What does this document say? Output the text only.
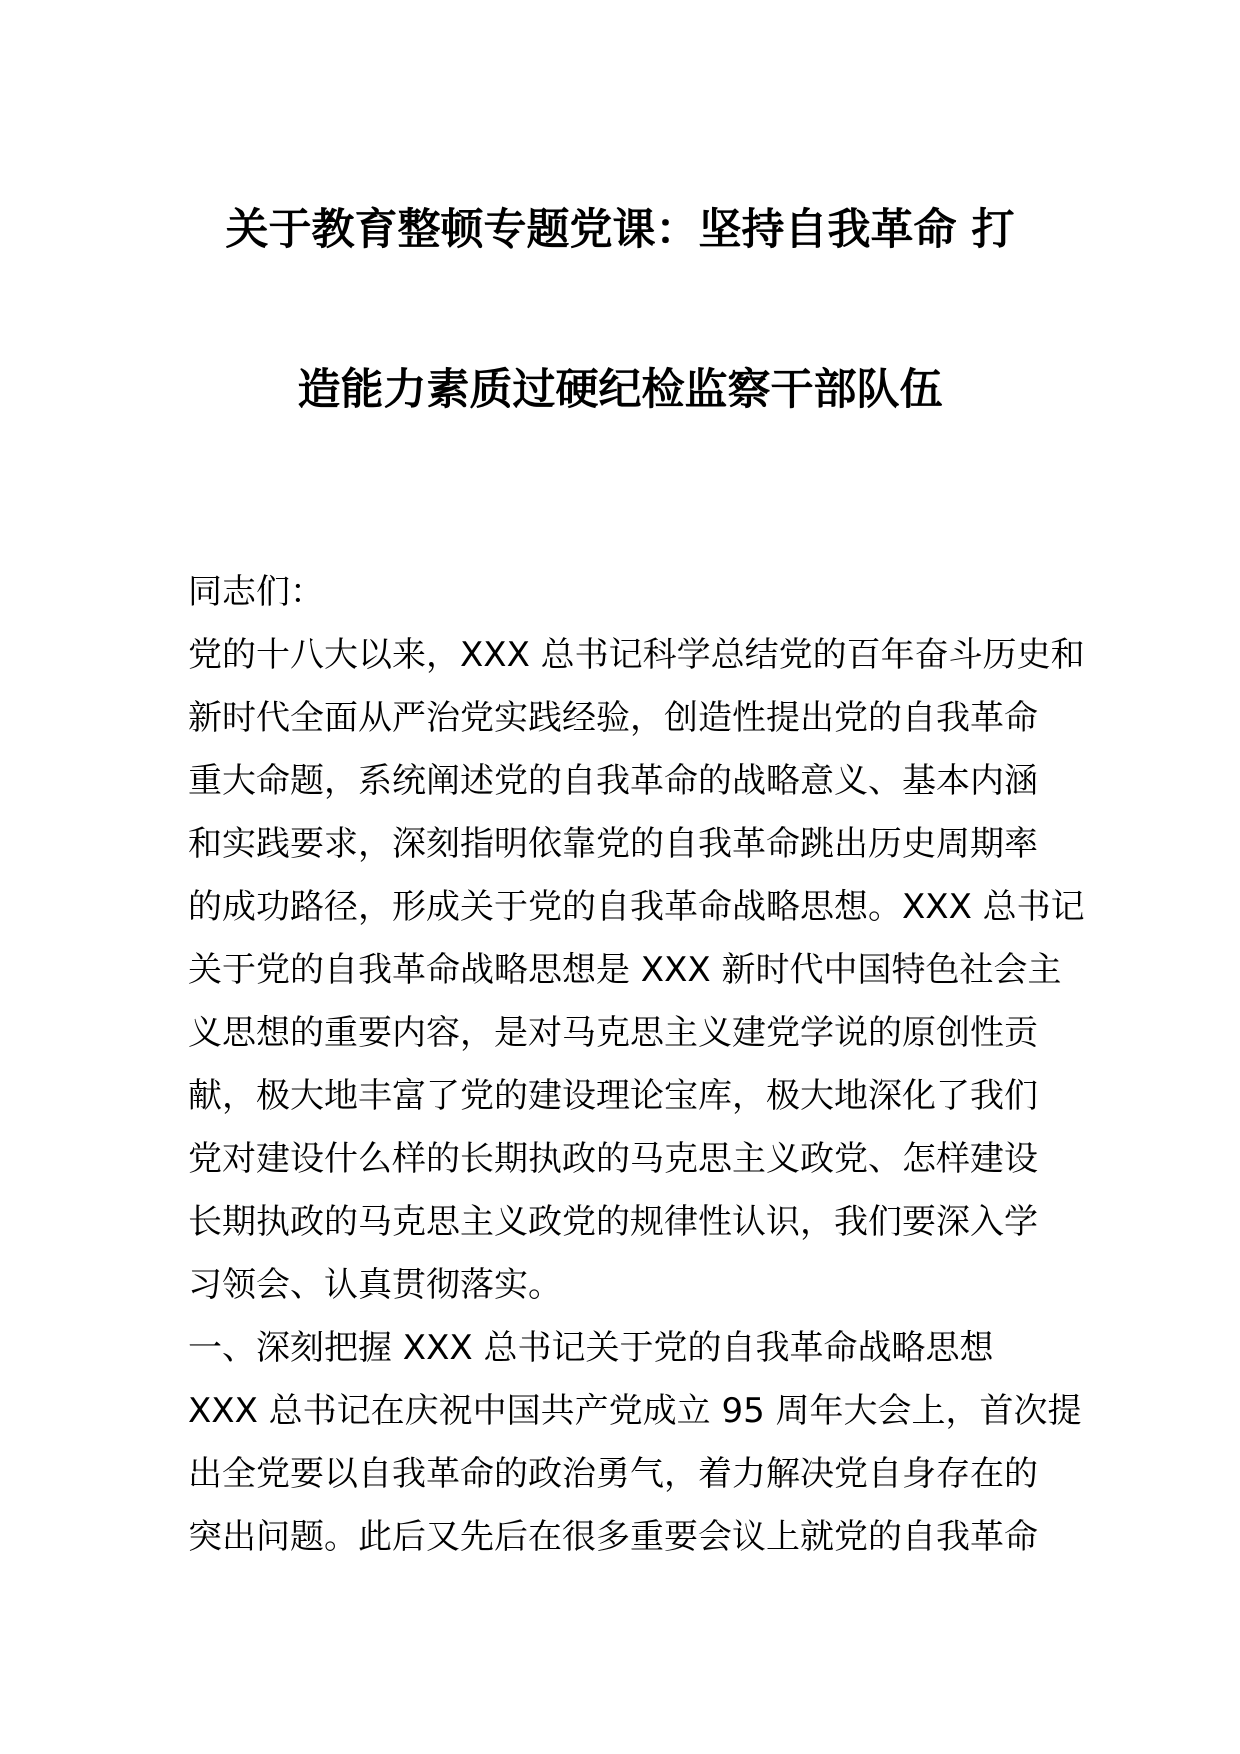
关于教育整顿专题党课：坚持自我革命 打
造能力素质过硬纪检监察干部队伍
同志们：
党的十八大以来，XXX 总书记科学总结党的百年奋斗历史和
新时代全面从严治党实践经验，创造性提出党的自我革命
重大命题，系统阐述党的自我革命的战略意义、基本内涵
和实践要求，深刻指明依靠党的自我革命跳出历史周期率
的成功路径，形成关于党的自我革命战略思想。XXX 总书记
关于党的自我革命战略思想是 XXX 新时代中国特色社会主
义思想的重要内容，是对马克思主义建党学说的原创性贡
献，极大地丰富了党的建设理论宝库，极大地深化了我们
党对建设什么样的长期执政的马克思主义政党、怎样建设
长期执政的马克思主义政党的规律性认识，我们要深入学
习领会、认真贯彻落实。
一、深刻把握 XXX 总书记关于党的自我革命战略思想
XXX 总书记在庆祝中国共产党成立 95 周年大会上，首次提
出全党要以自我革命的政治勇气，着力解决党自身存在的
突出问题。此后又先后在很多重要会议上就党的自我革命
